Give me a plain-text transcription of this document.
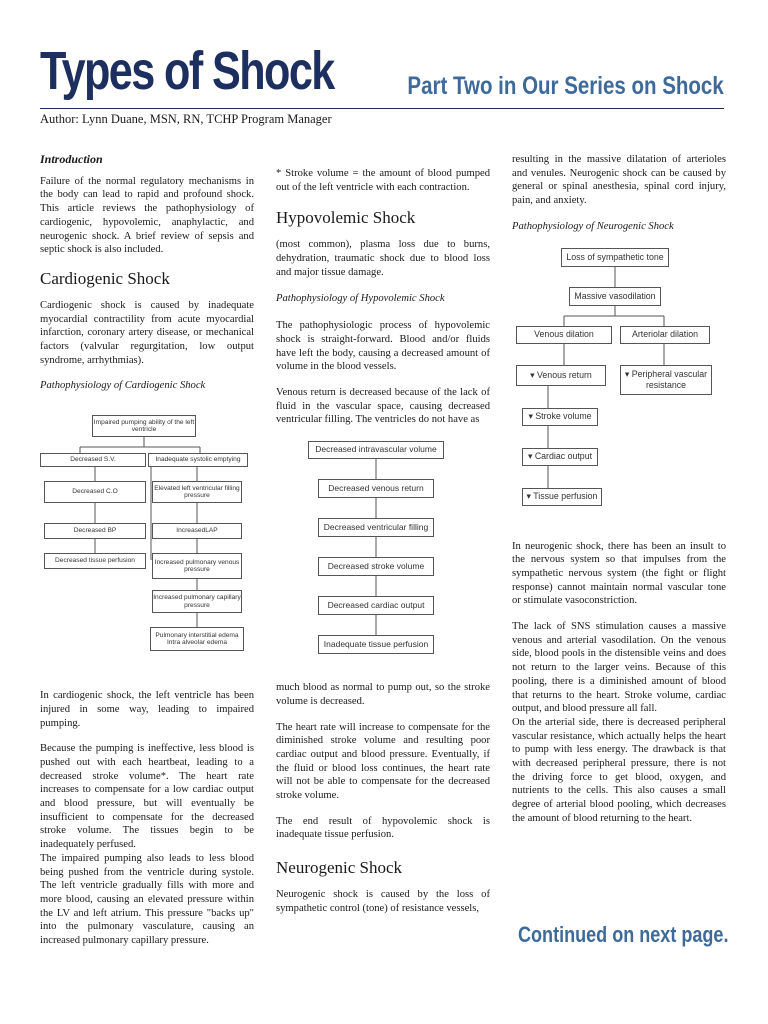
Types of Shock	Part Two in Our Series on Shock
Author: Lynn Duane, MSN, RN, TCHP Program Manager
Introduction

Failure of the normal regulatory mechanisms in the body can lead to rapid and profound shock. This article reviews the pathophysiology of cardiogenic, hypovolemic, anaphylactic, and neurogenic shock. A brief review of sepsis and septic shock is also included.

Cardiogenic Shock

Cardiogenic shock is caused by inadequate myocardial contractility from acute myocardial infarction, coronary artery disease, or mechanical factors (valvular regurgitation, low output syndrome, arrhythmias).

Pathophysiology of Cardiogenic Shock
Impaired pumping ability of the left ventricle
Decreased S.V.	Inadequate systolic emptying
Decreased C.O
Elevated left ventricular filling pressure
Decreased BP	IncreasedLAP
Decreased tissue perfusion	Increased pulmonary venous pressure
Increased pulmonary capillary pressure
Pulmonary interstitial edema Intra alveolar edema

In cardiogenic shock, the left ventricle has been injured in some way, leading to impaired pumping.

Because the pumping is ineffective, less blood is pushed out with each heartbeat, leading to a decreased stroke volume*. The heart rate increases to compensate for a low cardiac output and blood pressure, but will eventually be insufficient to compensate for the decreased stroke volume. The tissues begin to be inadequately perfused.

The impaired pumping also leads to less blood being pushed from the ventricle during systole. The left ventricle gradually fills with more and more blood, causing an elevated pressure within the LV and left atrium. This pressure "backs up" into the pulmonary vasculature, causing an increased pulmonary capillary pressure.

* Stroke volume = the amount of blood pumped out of the left ventricle with each contraction.

Hypovolemic Shock

(most common), plasma loss due to burns, dehydration, traumatic shock due to blood loss and major tissue damage.

Pathophysiology of Hypovolemic Shock

The pathophysiologic process of hypovolemic shock is straight-forward. Blood and/or fluids have left the body, causing a decreased amount of volume in the blood vessels.

Venous return is decreased because of the lack of fluid in the vascular space, causing decreased ventricular filling. The ventricles do not have as

Decreased intravascular volume
Decreased venous return
Decreased ventricular filling
Decreased stroke volume
Decreased cardiac output
Inadequate tissue perfusion

much blood as normal to pump out, so the stroke volume is decreased.

The heart rate will increase to compensate for the diminished stroke volume and resulting poor cardiac output and blood pressure. Eventually, if the fluid or blood loss continues, the heart rate will not be able to compensate for the decreased stroke volume.

The end result of hypovolemic shock is inadequate tissue perfusion.

Neurogenic Shock

Neurogenic shock is caused by the loss of sympathetic control (tone) of resistance vessels,

resulting in the massive dilatation of arterioles and venules. Neurogenic shock can be caused by general or spinal anesthesia, spinal cord injury, pain, and anxiety.

Pathophysiology of Neurogenic Shock
Loss of sympathetic tone
Massive vasodilation
Venous dilation	Arteriolar dilation
▾ Venous return	▾ Peripheral vascular resistance
▾ Stroke volume
▾ Cardiac output
▾ Tissue perfusion

In neurogenic shock, there has been an insult to the nervous system so that impulses from the sympathetic nervous system (the fight or flight response) cannot maintain normal vascular tone or stimulate vasoconstriction.

The lack of SNS stimulation causes a massive venous and arterial vasodilation. On the venous side, blood pools in the distensible veins and does not return to the larger veins. Because of this pooling, there is a diminished amount of blood that returns to the heart. Stroke volume, cardiac output, and blood pressure all fall.

On the arterial side, there is decreased peripheral vascular resistance, which actually helps the heart to pump with less energy. The drawback is that with decreased peripheral pressure, there is not the driving force to get blood, oxygen, and nutrients to the cells. This also causes a small degree of arterial blood pooling, which decreases the amount of blood returning to the heart.

Continued on next page.
